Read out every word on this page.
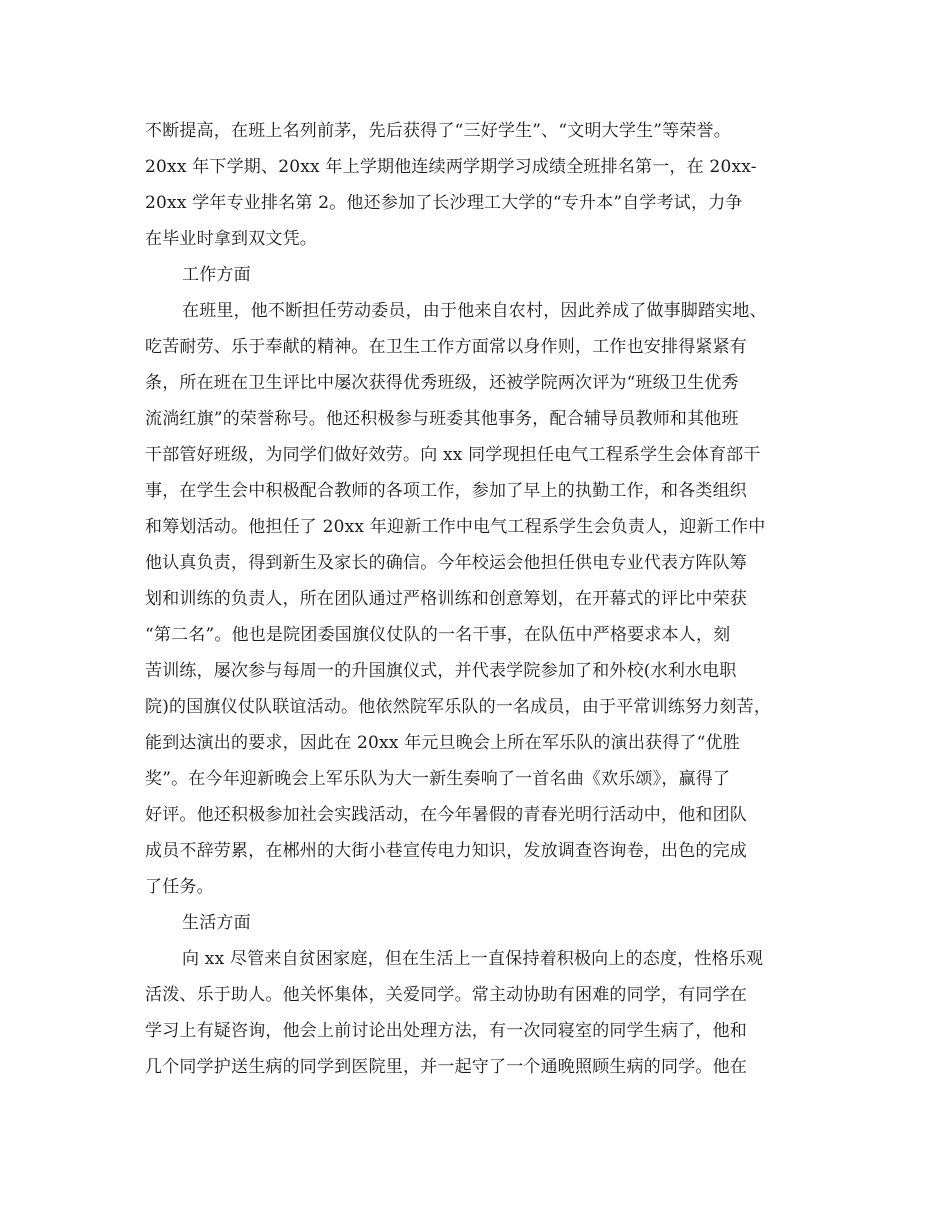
不断提高，在班上名列前茅，先后获得了“三好学生”、“文明大学生”等荣誉。
20xx 年下学期、20xx 年上学期他连续两学期学习成绩全班排名第一，在 20xx-
20xx 学年专业排名第 2。他还参加了长沙理工大学的“专升本”自学考试，力争
在毕业时拿到双文凭。
工作方面
在班里，他不断担任劳动委员，由于他来自农村，因此养成了做事脚踏实地、
吃苦耐劳、乐于奉献的精神。在卫生工作方面常以身作则，工作也安排得紧紧有
条，所在班在卫生评比中屡次获得优秀班级，还被学院两次评为“班级卫生优秀
流淌红旗”的荣誉称号。他还积极参与班委其他事务，配合辅导员教师和其他班
干部管好班级，为同学们做好效劳。向 xx 同学现担任电气工程系学生会体育部干
事，在学生会中积极配合教师的各项工作，参加了早上的执勤工作，和各类组织
和筹划活动。他担任了 20xx 年迎新工作中电气工程系学生会负责人，迎新工作中
他认真负责，得到新生及家长的确信。今年校运会他担任供电专业代表方阵队筹
划和训练的负责人，所在团队通过严格训练和创意筹划，在开幕式的评比中荣获
“第二名”。他也是院团委国旗仪仗队的一名干事，在队伍中严格要求本人，刻
苦训练，屡次参与每周一的升国旗仪式，并代表学院参加了和外校(水利水电职
院)的国旗仪仗队联谊活动。他依然院军乐队的一名成员，由于平常训练努力刻苦，
能到达演出的要求，因此在 20xx 年元旦晚会上所在军乐队的演出获得了“优胜
奖”。在今年迎新晚会上军乐队为大一新生奏响了一首名曲《欢乐颂》，赢得了
好评。他还积极参加社会实践活动，在今年暑假的青春光明行活动中，他和团队
成员不辞劳累，在郴州的大街小巷宣传电力知识，发放调查咨询卷，出色的完成
了任务。
生活方面
向 xx 尽管来自贫困家庭，但在生活上一直保持着积极向上的态度，性格乐观
活泼、乐于助人。他关怀集体，关爱同学。常主动协助有困难的同学，有同学在
学习上有疑咨询，他会上前讨论出处理方法，有一次同寝室的同学生病了，他和
几个同学护送生病的同学到医院里，并一起守了一个通晚照顾生病的同学。他在
